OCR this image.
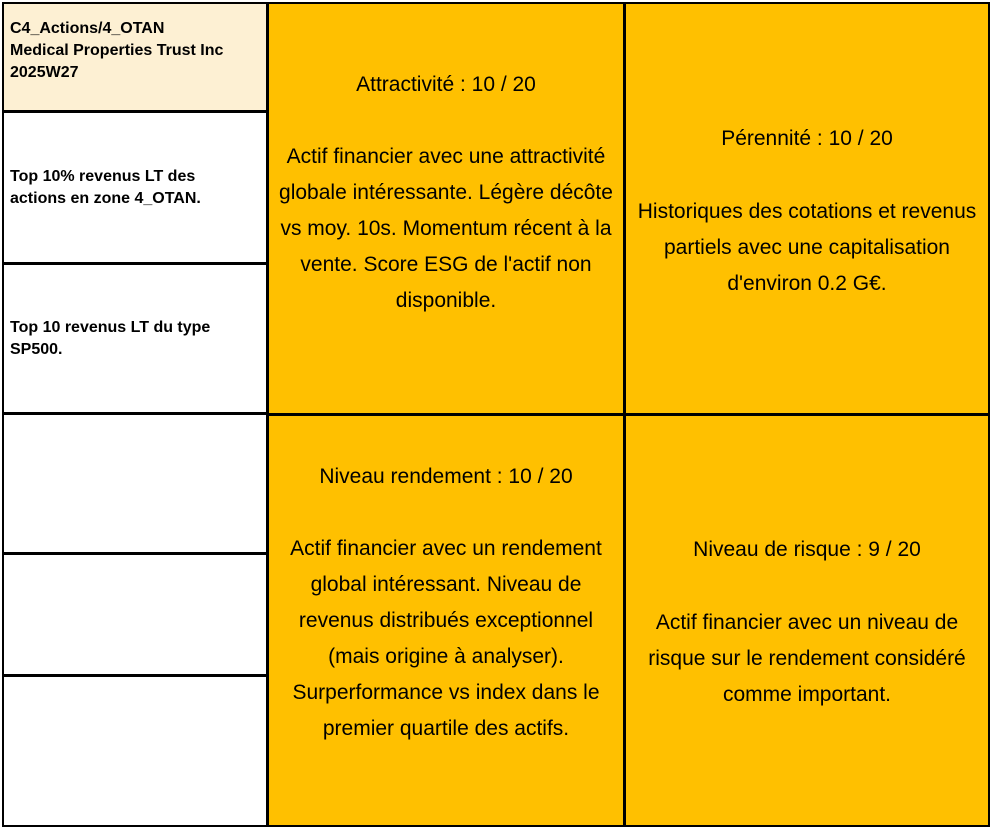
C4_Actions/4_OTAN
Medical Properties Trust Inc
2025W27
Top 10% revenus LT des
actions en zone 4_OTAN.
Top 10 revenus LT du type
SP500.
Attractivité : 10 / 20
Actif financier avec une attractivité globale intéressante. Légère décôte vs moy. 10s. Momentum récent à la vente. Score ESG de l'actif non disponible.
Pérennité : 10 / 20
Historiques des cotations et revenus partiels avec une capitalisation d'environ 0.2 G€.
Niveau rendement : 10 / 20
Actif financier avec un rendement global intéressant. Niveau de revenus distribués exceptionnel (mais origine à analyser). Surperformance vs index dans le premier quartile des actifs.
Niveau de risque : 9 / 20
Actif financier avec un niveau de risque sur le rendement considéré comme important.
